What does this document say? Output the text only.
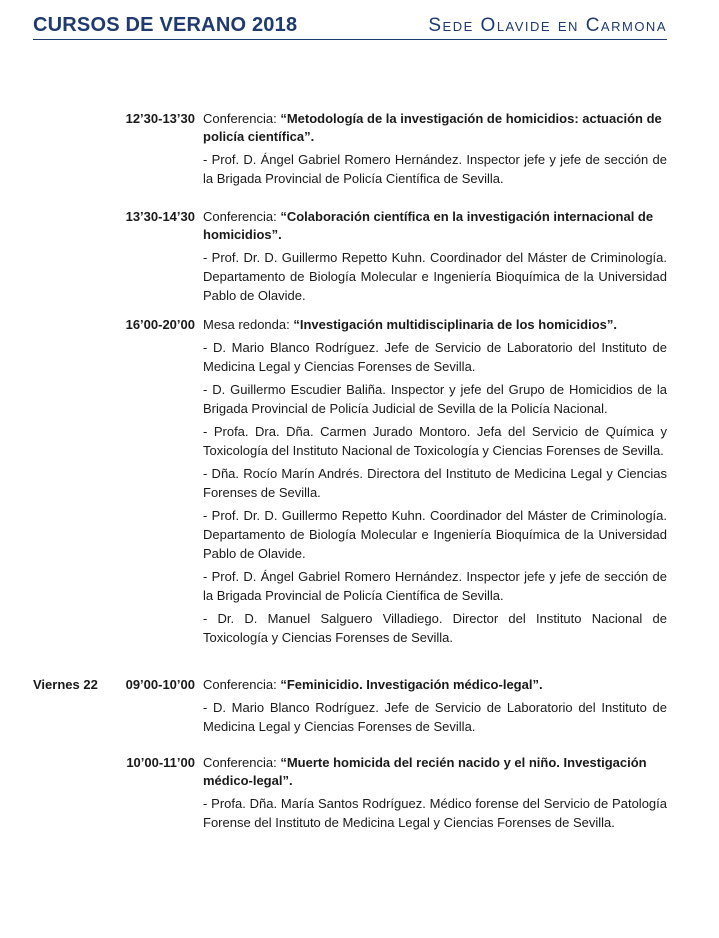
CURSOS DE VERANO 2018	Sede Olavide en Carmona
12’30-13’30 Conferencia: “Metodología de la investigación de homicidios: actuación de policía científica”.
- Prof. D. Ángel Gabriel Romero Hernández. Inspector jefe y jefe de sección de la Brigada Provincial de Policía Científica de Sevilla.
13’30-14’30 Conferencia: “Colaboración científica en la investigación internacional de homicidios”.
- Prof. Dr. D. Guillermo Repetto Kuhn. Coordinador del Máster de Criminología. Departamento de Biología Molecular e Ingeniería Bioquímica de la Universidad Pablo de Olavide.
16’00-20’00 Mesa redonda: “Investigación multidisciplinaria de los homicidios”.
- D. Mario Blanco Rodríguez. Jefe de Servicio de Laboratorio del Instituto de Medicina Legal y Ciencias Forenses de Sevilla.
- D. Guillermo Escudier Baliña. Inspector y jefe del Grupo de Homicidios de la Brigada Provincial de Policía Judicial de Sevilla de la Policía Nacional.
- Profa. Dra. Dña. Carmen Jurado Montoro. Jefa del Servicio de Química y Toxicología del Instituto Nacional de Toxicología y Ciencias Forenses de Sevilla.
- Dña. Rocío Marín Andrés. Directora del Instituto de Medicina Legal y Ciencias Forenses de Sevilla.
- Prof. Dr. D. Guillermo Repetto Kuhn. Coordinador del Máster de Criminología. Departamento de Biología Molecular e Ingeniería Bioquímica de la Universidad Pablo de Olavide.
- Prof. D. Ángel Gabriel Romero Hernández. Inspector jefe y jefe de sección de la Brigada Provincial de Policía Científica de Sevilla.
- Dr. D. Manuel Salguero Villadiego. Director del Instituto Nacional de Toxicología y Ciencias Forenses de Sevilla.
Viernes 22 09’00-10’00 Conferencia: “Feminicidio. Investigación médico-legal”.
- D. Mario Blanco Rodríguez. Jefe de Servicio de Laboratorio del Instituto de Medicina Legal y Ciencias Forenses de Sevilla.
10’00-11’00 Conferencia: “Muerte homicida del recién nacido y el niño. Investigación médico-legal”.
- Profa. Dña. María Santos Rodríguez. Médico forense del Servicio de Patología Forense del Instituto de Medicina Legal y Ciencias Forenses de Sevilla.
